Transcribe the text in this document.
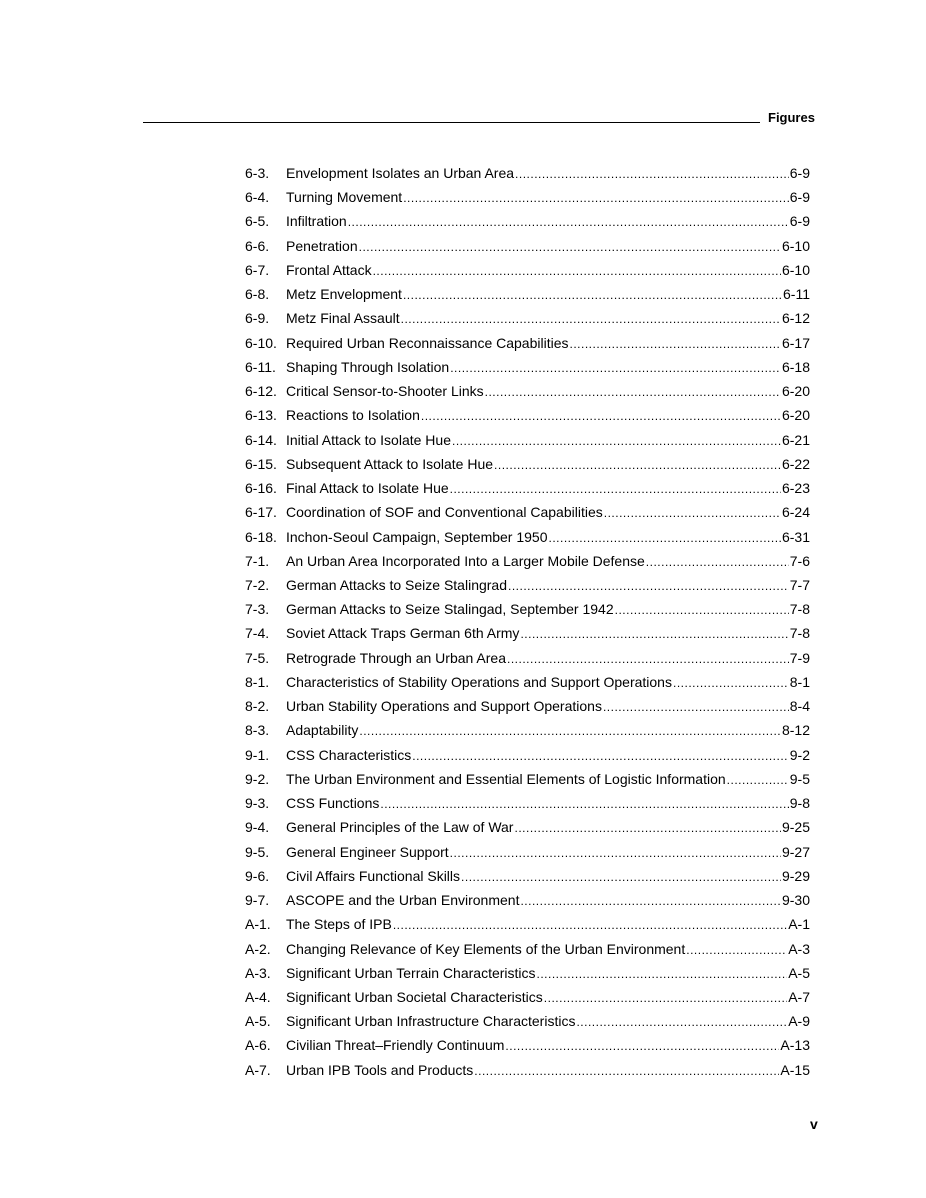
Figures
6-3.	Envelopment Isolates an Urban Area .....	6-9
6-4.	Turning Movement .....	6-9
6-5.	Infiltration .....	6-9
6-6.	Penetration .....	6-10
6-7.	Frontal Attack .....	6-10
6-8.	Metz Envelopment .....	6-11
6-9.	Metz Final Assault .....	6-12
6-10. Required Urban Reconnaissance Capabilities .....	6-17
6-11. Shaping Through Isolation .....	6-18
6-12. Critical Sensor-to-Shooter Links .....	6-20
6-13. Reactions to Isolation .....	6-20
6-14. Initial Attack to Isolate Hue .....	6-21
6-15. Subsequent Attack to Isolate Hue .....	6-22
6-16. Final Attack to Isolate Hue .....	6-23
6-17. Coordination of SOF and Conventional Capabilities .....	6-24
6-18. Inchon-Seoul Campaign, September 1950 .....	6-31
7-1.	An Urban Area Incorporated Into a Larger Mobile Defense .....	7-6
7-2.	German Attacks to Seize Stalingrad .....	7-7
7-3.	German Attacks to Seize Stalingad, September 1942 .....	7-8
7-4.	Soviet Attack Traps German 6th Army .....	7-8
7-5.	Retrograde Through an Urban Area .....	7-9
8-1.	Characteristics of Stability Operations and Support Operations .....	8-1
8-2.	Urban Stability Operations and Support Operations .....	8-4
8-3.	Adaptability .....	8-12
9-1.	CSS Characteristics .....	9-2
9-2.	The Urban Environment and Essential Elements of Logistic Information .....	9-5
9-3.	CSS Functions .....	9-8
9-4.	General Principles of the Law of War .....	9-25
9-5.	General Engineer Support .....	9-27
9-6.	Civil Affairs Functional Skills .....	9-29
9-7.	ASCOPE and the Urban Environment .....	9-30
A-1.	The Steps of IPB .....	A-1
A-2.	Changing Relevance of Key Elements of the Urban Environment .....	A-3
A-3.	Significant Urban Terrain Characteristics .....	A-5
A-4.	Significant Urban Societal Characteristics .....	A-7
A-5.	Significant Urban Infrastructure Characteristics .....	A-9
A-6.	Civilian Threat–Friendly Continuum .....	A-13
A-7.	Urban IPB Tools and Products .....	A-15
v
